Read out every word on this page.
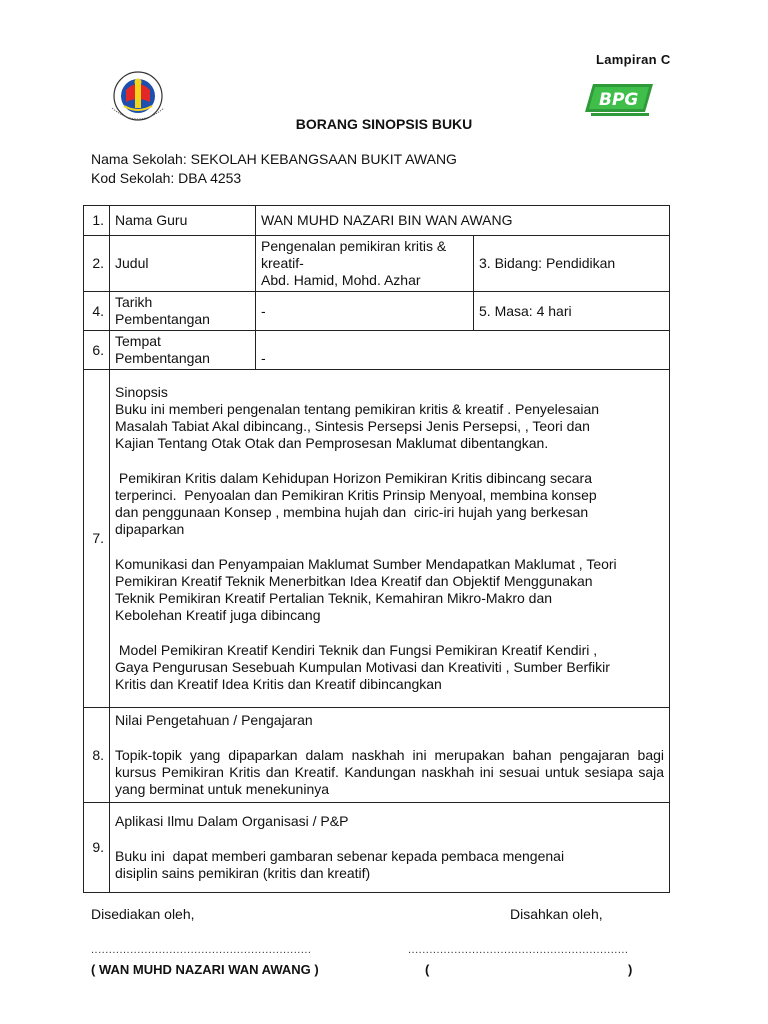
Lampiran C
BPG
BORANG SINOPSIS BUKU
Nama Sekolah: SEKOLAH KEBANGSAAN BUKIT AWANG
Kod Sekolah: DBA 4253
1.	Nama Guru	WAN MUHD NAZARI BIN WAN AWANG	
2.	Judul	Pengenalan pemikiran kritis &
kreatif-
Abd. Hamid, Mohd. Azhar	3. Bidang: Pendidikan
4.	Tarikh
Pembentangan	-	5. Masa: 4 hari
6.	Tempat
Pembentangan	-	
7.	Sinopsis

Buku ini memberi pengenalan tentang pemikiran kritis & kreatif . Penyelesaian Masalah Tabiat Akal dibincang., Sintesis Persepsi Jenis Persepsi, , Teori dan Kajian Tentang Otak Otak dan Pemprosesan Maklumat dibentangkan.

Pemikiran Kritis dalam Kehidupan Horizon Pemikiran Kritis dibincang secara terperinci.  Penyoalan dan Pemikiran Kritis Prinsip Menyoal, membina konsep dan penggunaan Konsep , membina hujah dan  ciric-iri hujah yang berkesan dipaparkan

Komunikasi dan Penyampaian Maklumat Sumber Mendapatkan Maklumat , Teori Pemikiran Kreatif Teknik Menerbitkan Idea Kreatif dan Objektif Menggunakan Teknik Pemikiran Kreatif Pertalian Teknik, Kemahiran Mikro-Makro dan Kebolehan Kreatif juga dibincang

Model Pemikiran Kreatif Kendiri Teknik dan Fungsi Pemikiran Kreatif Kendiri , Gaya Pengurusan Sesebuah Kumpulan Motivasi dan Kreativiti , Sumber Berfikir Kritis dan Kreatif Idea Kritis dan Kreatif dibincangkan		

8.	Nilai Pengetahuan / Pengajaran

Topik-topik yang dipaparkan dalam naskhah ini merupakan bahan pengajaran bagi kursus Pemikiran Kritis dan Kreatif. Kandungan naskhah ini sesuai untuk sesiapa saja yang berminat untuk menekuninya		

9.	Aplikasi Ilmu Dalam Organisasi / P&P

Buku ini  dapat memberi gambaran sebenar kepada pembaca mengenai disiplin sains pemikiran (kritis dan kreatif)		

Disediakan oleh,	Disahkan oleh,
..............................................................	..............................................................
( WAN MUHD NAZARI WAN AWANG )	(	)
